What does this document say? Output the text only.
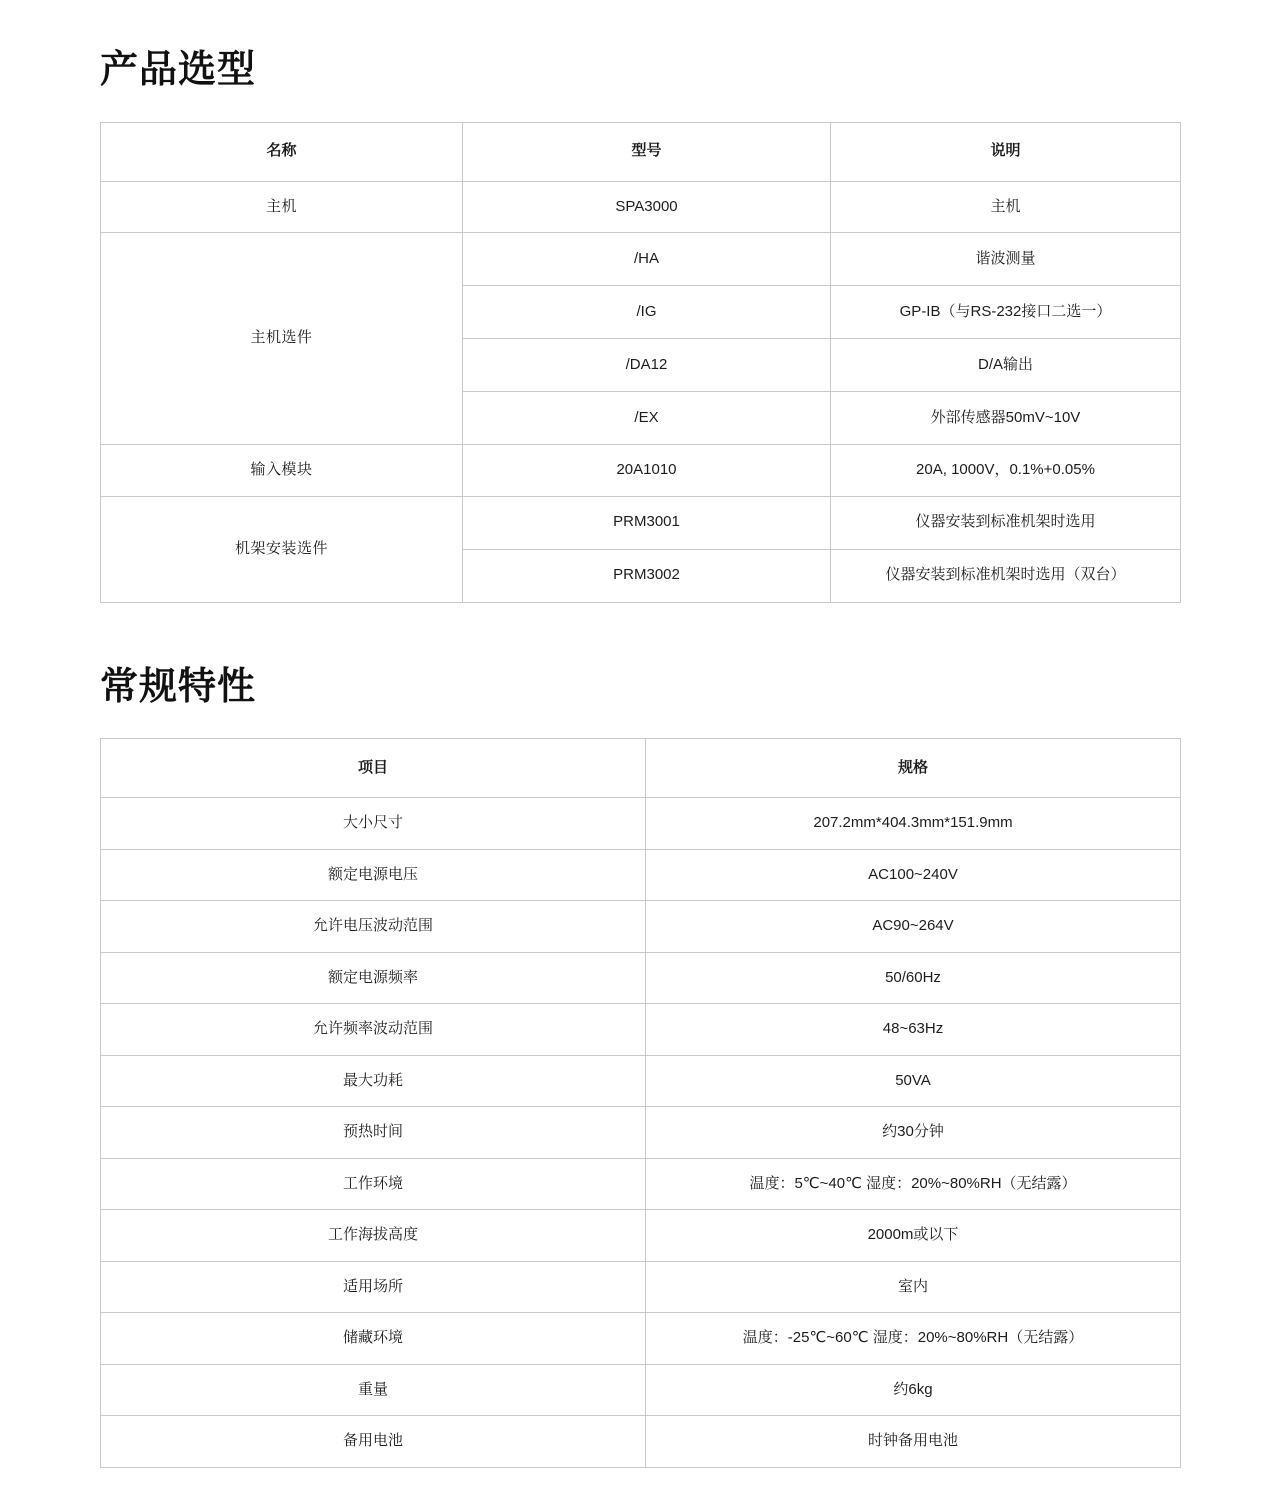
产品选型
名称	型号	说明
主机	SPA3000	主机
主机选件	/HA	谐波测量
	/IG	GP-IB（与RS-232接口二选一）
	/DA12	D/A输出
	/EX	外部传感器50mV~10V
输入模块	20A1010	20A, 1000V，0.1%+0.05%
机架安装选件	PRM3001	仪器安装到标准机架时选用
	PRM3002	仪器安装到标准机架时选用（双台）
常规特性
项目	规格
大小尺寸	207.2mm*404.3mm*151.9mm
额定电源电压	AC100~240V
允许电压波动范围	AC90~264V
额定电源频率	50/60Hz
允许频率波动范围	48~63Hz
最大功耗	50VA
预热时间	约30分钟
工作环境	温度：5℃~40℃ 湿度：20%~80%RH（无结露）
工作海拔高度	2000m或以下
适用场所	室内
储藏环境	温度：-25℃~60℃ 湿度：20%~80%RH（无结露）
重量	约6kg
备用电池	时钟备用电池
